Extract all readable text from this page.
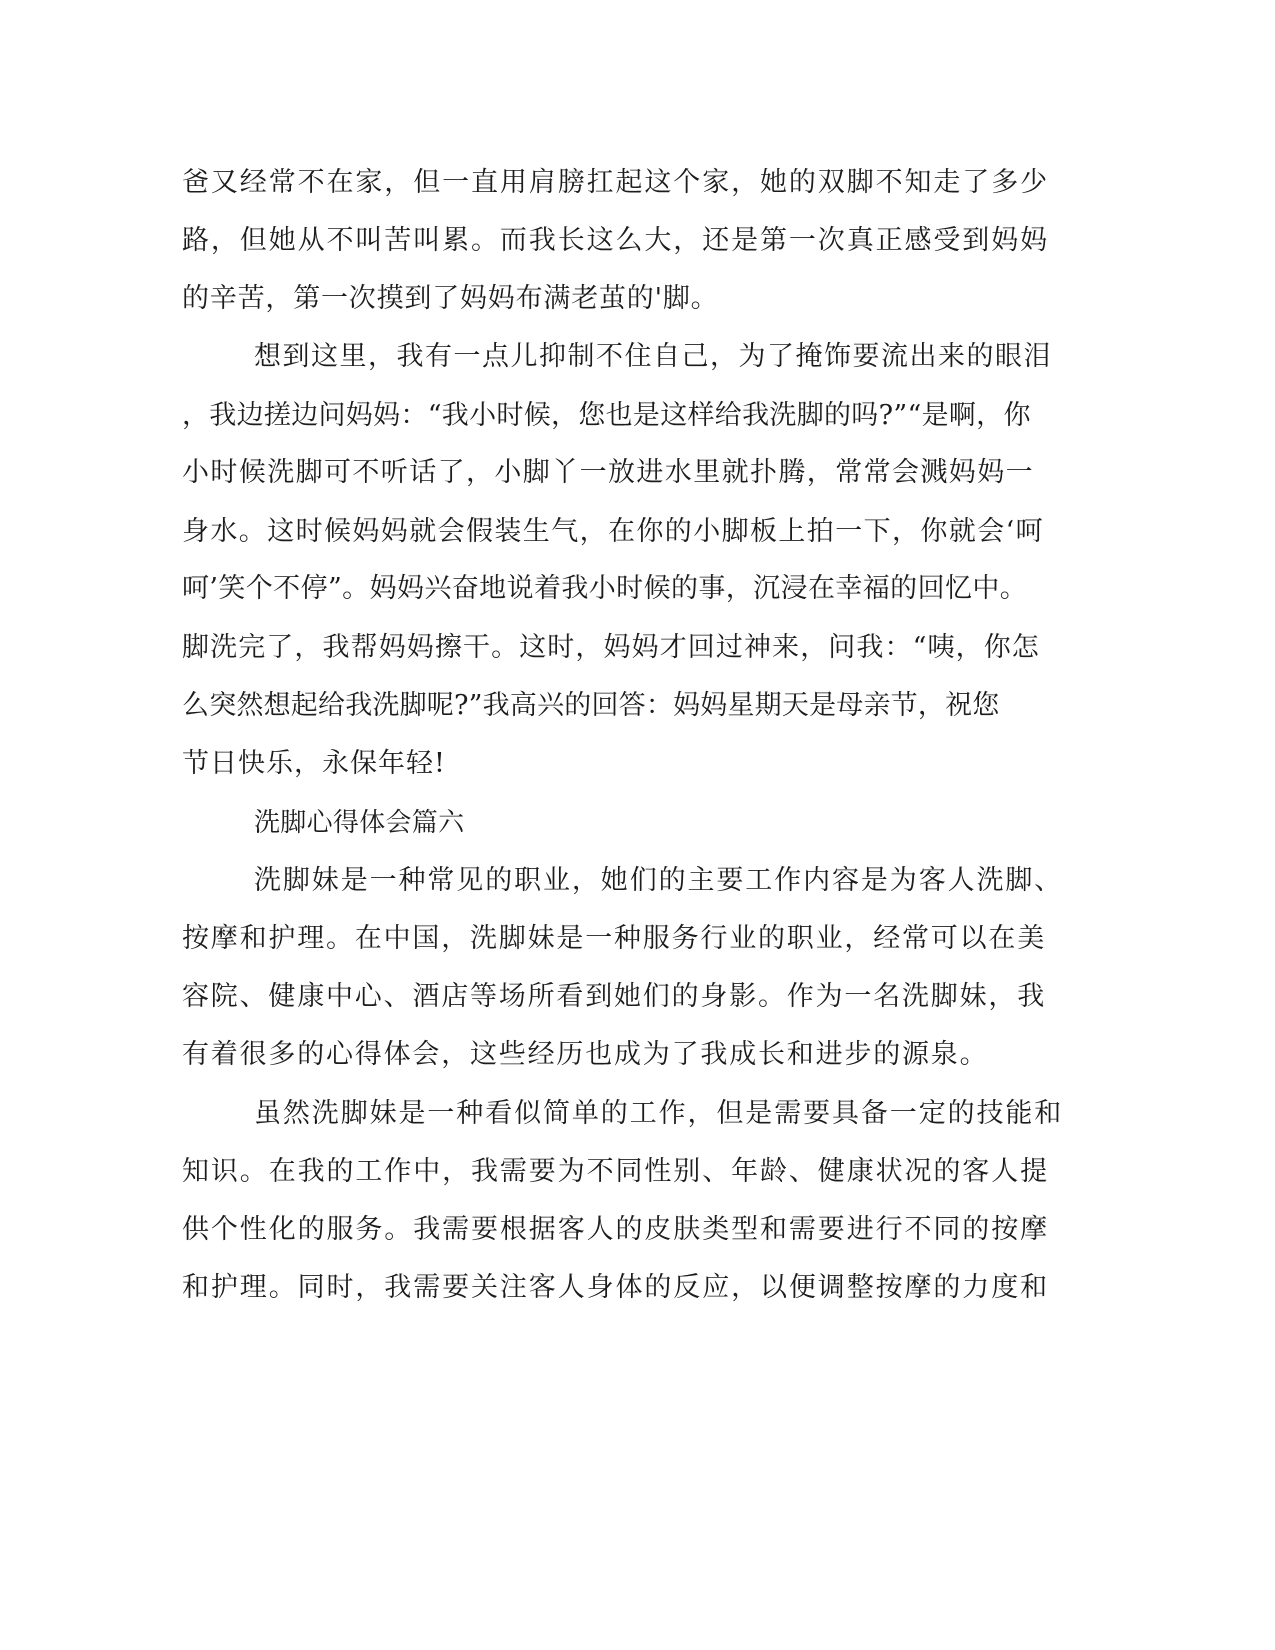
爸又经常不在家，但一直用肩膀扛起这个家，她的双脚不知走了多少
路，但她从不叫苦叫累。而我长这么大，还是第一次真正感受到妈妈
的辛苦，第一次摸到了妈妈布满老茧的'脚。
想到这里，我有一点儿抑制不住自己，为了掩饰要流出来的眼泪
，我边搓边问妈妈：“我小时候，您也是这样给我洗脚的吗?”“是啊，你
小时候洗脚可不听话了，小脚丫一放进水里就扑腾，常常会溅妈妈一
身水。这时候妈妈就会假装生气，在你的小脚板上拍一下，你就会‘呵
呵’笑个不停”。妈妈兴奋地说着我小时候的事，沉浸在幸福的回忆中。
脚洗完了，我帮妈妈擦干。这时，妈妈才回过神来，问我：“咦，你怎
么突然想起给我洗脚呢?”我高兴的回答：妈妈星期天是母亲节，祝您
节日快乐，永保年轻!
洗脚心得体会篇六
洗脚妹是一种常见的职业，她们的主要工作内容是为客人洗脚、
按摩和护理。在中国，洗脚妹是一种服务行业的职业，经常可以在美
容院、健康中心、酒店等场所看到她们的身影。作为一名洗脚妹，我
有着很多的心得体会，这些经历也成为了我成长和进步的源泉。
虽然洗脚妹是一种看似简单的工作，但是需要具备一定的技能和
知识。在我的工作中，我需要为不同性别、年龄、健康状况的客人提
供个性化的服务。我需要根据客人的皮肤类型和需要进行不同的按摩
和护理。同时，我需要关注客人身体的反应，以便调整按摩的力度和
